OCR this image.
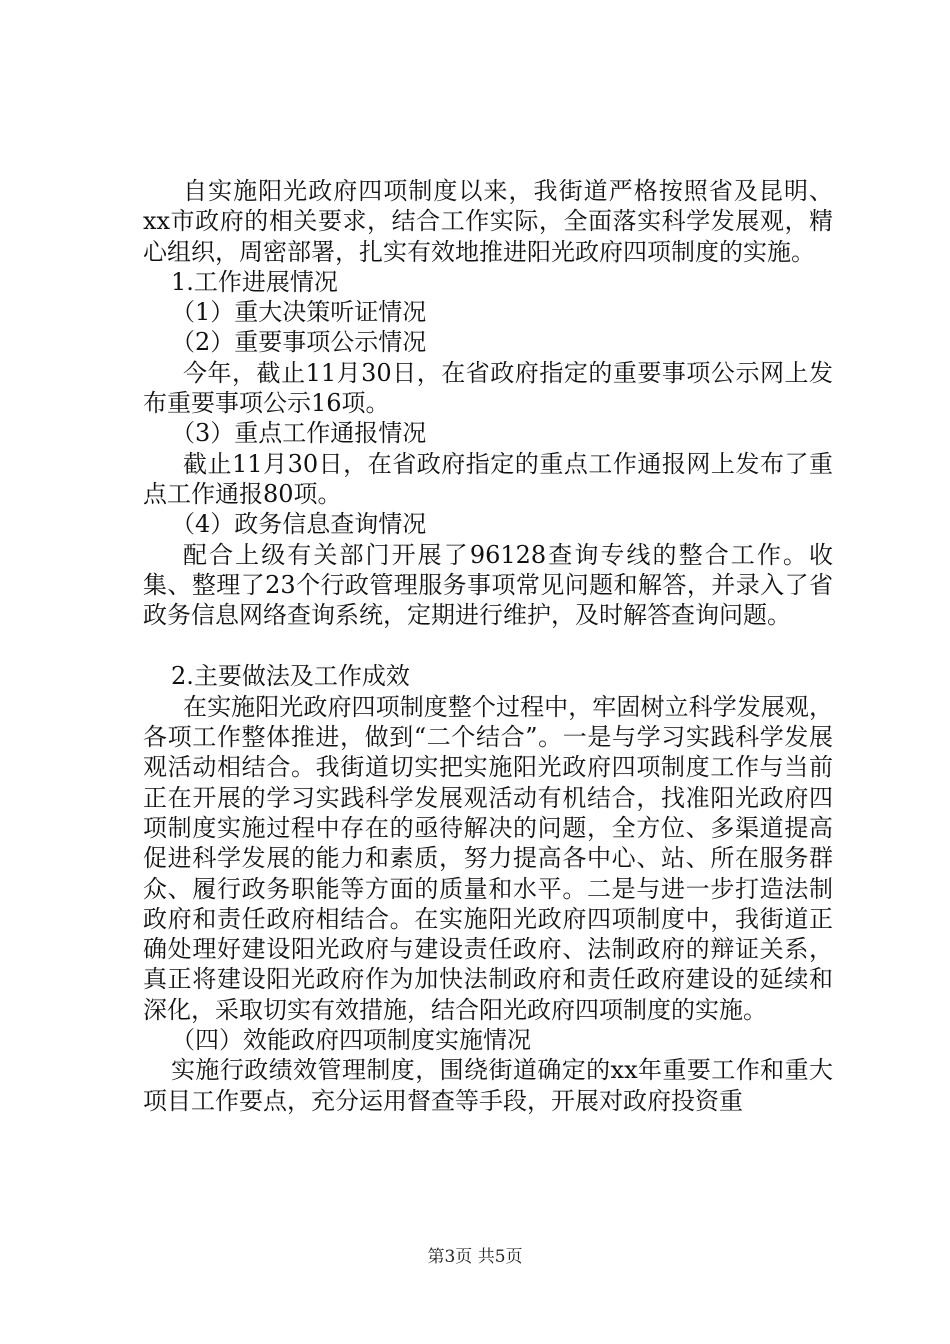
自实施阳光政府四项制度以来，我街道严格按照省及昆明、xx市政府的相关要求，结合工作实际，全面落实科学发展观，精心组织，周密部署，扎实有效地推进阳光政府四项制度的实施。

1.工作进展情况

（1）重大决策听证情况

（2）重要事项公示情况

今年，截止11月30日，在省政府指定的重要事项公示网上发布重要事项公示16项。

（3）重点工作通报情况

截止11月30日，在省政府指定的重点工作通报网上发布了重点工作通报80项。

（4）政务信息查询情况

配合上级有关部门开展了96128查询专线的整合工作。收集、整理了23个行政管理服务事项常见问题和解答，并录入了省政务信息网络查询系统，定期进行维护，及时解答查询问题。

2.主要做法及工作成效

在实施阳光政府四项制度整个过程中，牢固树立科学发展观，各项工作整体推进，做到“二个结合”。一是与学习实践科学发展观活动相结合。我街道切实把实施阳光政府四项制度工作与当前正在开展的学习实践科学发展观活动有机结合，找准阳光政府四项制度实施过程中存在的亟待解决的问题，全方位、多渠道提高促进科学发展的能力和素质，努力提高各中心、站、所在服务群众、履行政务职能等方面的质量和水平。二是与进一步打造法制政府和责任政府相结合。在实施阳光政府四项制度中，我街道正确处理好建设阳光政府与建设责任政府、法制政府的辩证关系，真正将建设阳光政府作为加快法制政府和责任政府建设的延续和深化，采取切实有效措施，结合阳光政府四项制度的实施。

（四）效能政府四项制度实施情况

实施行政绩效管理制度，围绕街道确定的xx年重要工作和重大项目工作要点，充分运用督查等手段，开展对政府投资重

第3页 共5页
